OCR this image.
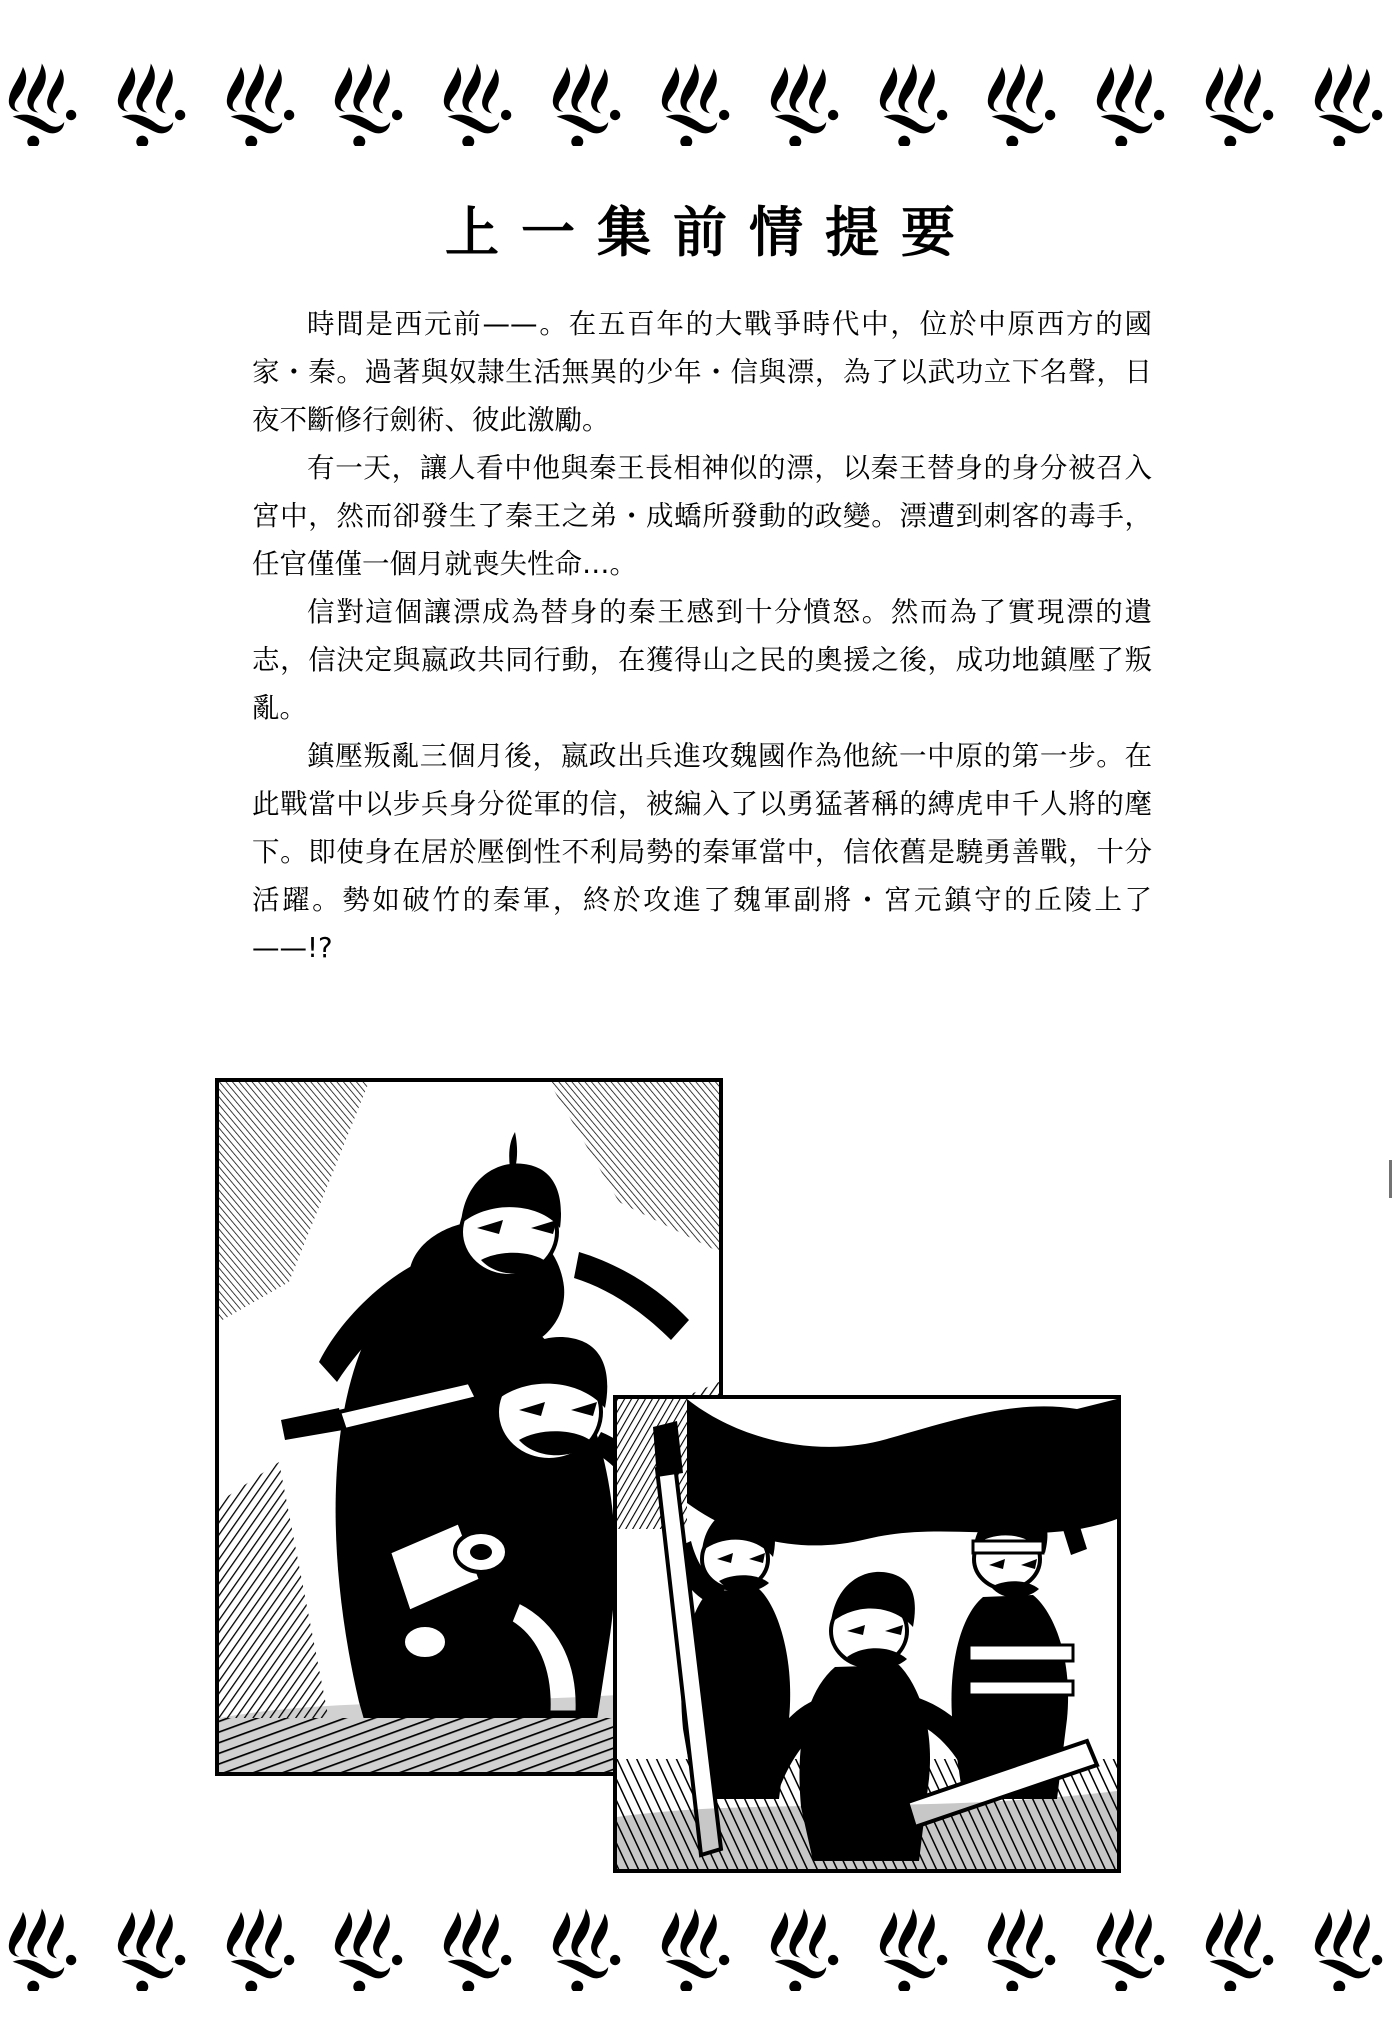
上一集前情提要

時間是西元前——。在五百年的大戰爭時代中，位於中原西方的國家・秦。過著與奴隷生活無異的少年・信與漂，為了以武功立下名聲，日夜不斷修行劍術、彼此激勵。

有一天，讓人看中他與秦王長相神似的漂，以秦王替身的身分被召入宮中，然而卻發生了秦王之弟・成蟜所發動的政變。漂遭到刺客的毒手，任官僅僅一個月就喪失性命…。

信對這個讓漂成為替身的秦王感到十分憤怒。然而為了實現漂的遺志，信決定與嬴政共同行動，在獲得山之民的奧援之後，成功地鎮壓了叛亂。

鎮壓叛亂三個月後，嬴政出兵進攻魏國作為他統一中原的第一步。在此戰當中以步兵身分從軍的信，被編入了以勇猛著稱的縛虎申千人將的麾下。即使身在居於壓倒性不利局勢的秦軍當中，信依舊是驍勇善戰，十分活躍。勢如破竹的秦軍，終於攻進了魏軍副將・宮元鎮守的丘陵上了——!?
